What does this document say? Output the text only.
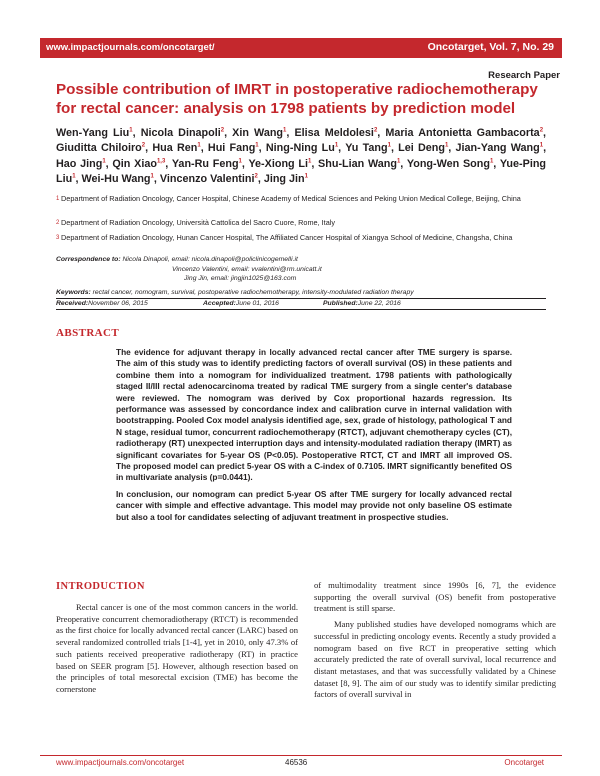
www.impactjournals.com/oncotarget/	Oncotarget, Vol. 7, No. 29
Research Paper
Possible contribution of IMRT in postoperative radiochemotherapy for rectal cancer: analysis on 1798 patients by prediction model
Wen-Yang Liu$^1$, Nicola Dinapoli$^2$, Xin Wang$^1$, Elisa Meldolesi$^2$, Maria Antonietta Gambacorta$^2$, Giuditta Chiloiro$^2$, Hua Ren$^1$, Hui Fang$^1$, Ning-Ning Lu$^1$, Yu Tang$^1$, Lei Deng$^1$, Jian-Yang Wang$^1$, Hao Jing$^1$, Qin Xiao$^{1,3}$, Yan-Ru Feng$^1$, Ye-Xiong Li$^1$, Shu-Lian Wang$^1$, Yong-Wen Song$^1$, Yue-Ping Liu$^1$, Wei-Hu Wang$^1$, Vincenzo Valentini$^2$, Jing Jin$^1$
1 Department of Radiation Oncology, Cancer Hospital, Chinese Academy of Medical Sciences and Peking Union Medical College, Beijing, China
2 Department of Radiation Oncology, Università Cattolica del Sacro Cuore, Rome, Italy
3 Department of Radiation Oncology, Hunan Cancer Hospital, The Affiliated Cancer Hospital of Xiangya School of Medicine, Changsha, China
Correspondence to: Nicola Dinapoli, email: nicola.dinapoli@policlinicogemelli.it
Vincenzo Valentini, email: vvalentini@rm.unicatt.it
Jing Jin, email: jingjin1025@163.com
Keywords: rectal cancer, nomogram, survival, postoperative radiochemotherapy, intensity-modulated radiation therapy
Received: November 06, 2015	Accepted: June 01, 2016	Published: June 22, 2016
ABSTRACT

The evidence for adjuvant therapy in locally advanced rectal cancer after TME surgery is sparse. The aim of this study was to identify predicting factors of overall survival (OS) in these patients and combine them into a nomogram for individualized treatment. 1798 patients with pathologically staged II/III rectal adenocarcinoma treated by radical TME surgery from a single center's database were reviewed. The nomogram was derived by Cox proportional hazards regression. Its performance was assessed by concordance index and calibration curve in internal validation with bootstrapping. Pooled Cox model analysis identified age, sex, grade of histology, pathological T and N stage, residual tumor, concurrent radiochemotherapy (RTCT), adjuvant chemotherapy cycles (CT), radiotherapy (RT) unexpected interruption days and intensity-modulated radiation therapy (IMRT) as significant covariates for 5-year OS (P<0.05). Postoperative RTCT, CT and IMRT all improved OS. The proposed model can predict 5-year OS with a C-index of 0.7105. IMRT significantly benefited OS in multivariate analysis (p=0.0441).

In conclusion, our nomogram can predict 5-year OS after TME surgery for locally advanced rectal cancer with simple and effective advantage. This model may provide not only baseline OS estimate but also a tool for candidates selecting of adjuvant treatment in prospective studies.

INTRODUCTION

Rectal cancer is one of the most common cancers in the world. Preoperative concurrent chemoradiotherapy (RTCT) is recommended as the first choice for locally advanced rectal cancer (LARC) based on several randomized controlled trials [1-4], yet in 2010, only 47.3% of such patients received preoperative radiotherapy (RT) in practice based on SEER program [5]. However, although resection based on the principles of total mesorectal excision (TME) has become the cornerstone

of multimodality treatment since 1990s [6, 7], the evidence supporting the overall survival (OS) benefit from postoperative treatment is still sparse.

Many published studies have developed nomograms which are successful in predicting oncology events. Recently a study provided a nomogram based on five RCT in preoperative setting which accurately predicted the rate of overall survival, local recurrence and distant metastases, and that was successfully validated by a Chinese dataset [8, 9]. The aim of our study was to identify similar predicting factors of overall survival in

www.impactjournals.com/oncotarget	46536	Oncotarget
